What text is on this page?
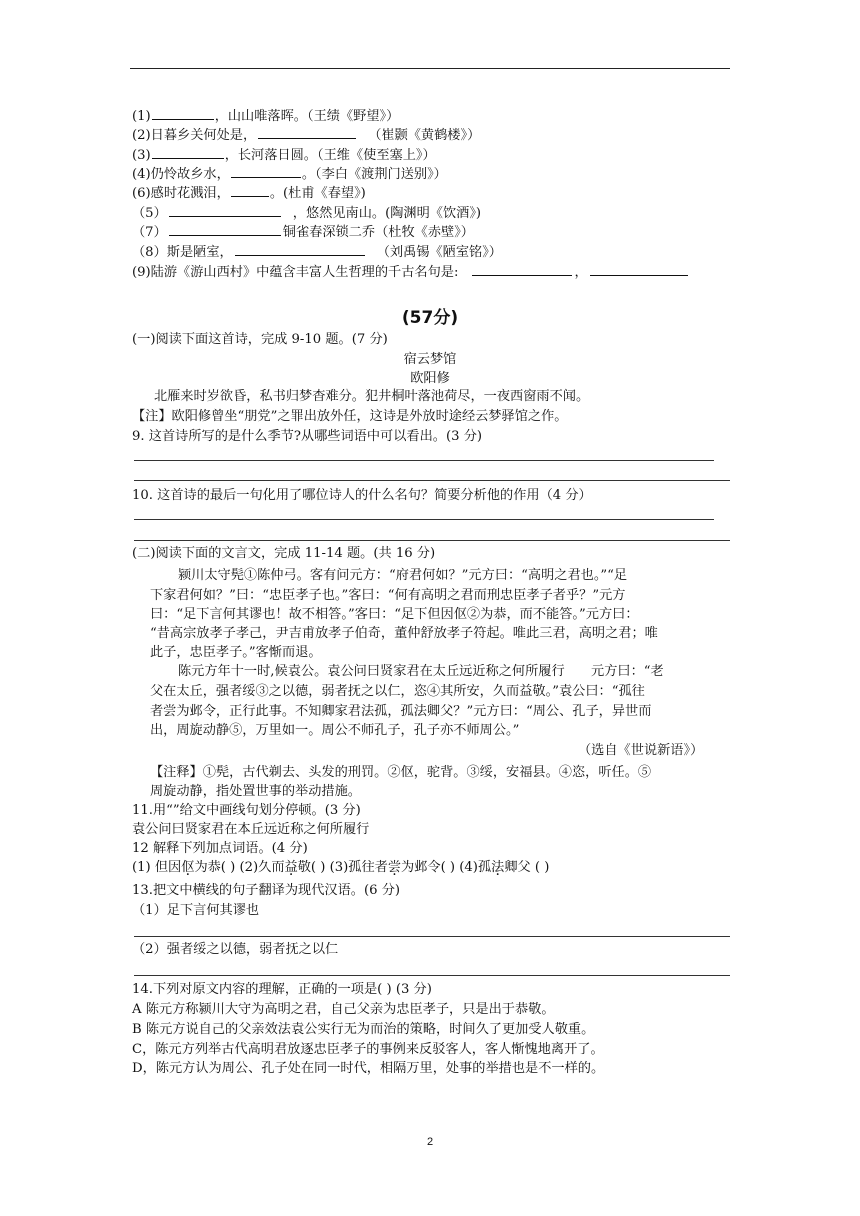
(1)	，山山唯落晖。（王绩《野望》）
(2)日暮乡关何处是，	（崔颢《黄鹤楼》）
(3)	，长河落日圆。（王维《使至塞上》）
(4)仍怜故乡水，	。（李白《渡荆门送别》）
(6)感时花溅泪，	。(杜甫《春望》)
（5）	，悠然见南山。(陶渊明《饮酒》)
（7）	铜雀春深锁二乔（杜牧《赤壁》）
（8）斯是陋室，	（刘禹锡《陋室铭》）
(9)陆游《游山西村》中蕴含丰富人生哲理的千古名句是:	，
(57分)
(一)阅读下面这首诗，完成 9-10 题。(7 分)
宿云梦馆
欧阳修
北雁来时岁欲昏，私书归梦杳难分。犯井桐叶落池荷尽，一夜西窗雨不闻。
【注】欧阳修曾坐“朋党”之罪出放外任，这诗是外放时途经云梦驿馆之作。
9. 这首诗所写的是什么季节?从哪些词语中可以看出。(3 分)
10. 这首诗的最后一句化用了哪位诗人的什么名句？简要分析他的作用（4 分）
(二)阅读下面的文言文，完成 11-14 题。(共 16 分)
颍川太守髡①陈仲弓。客有问元方：“府君何如？”元方曰：“高明之君也。”“足
下家君何如？”曰：“忠臣孝子也。”客曰：“何有高明之君而刑忠臣孝子者乎？”元方
曰：“足下言何其谬也！故不相答。”客曰：“足下但因伛②为恭，而不能答。”元方曰：
“昔高宗放孝子孝己，尹吉甫放孝子伯奇，董仲舒放孝子符起。唯此三君，高明之君；唯
此子，忠臣孝子。”客惭而退。
陈元方年十一时,候袁公。袁公问曰贤家君在太丘远近称之何所履行　　元方曰：“老
父在太丘，强者绥③之以德，弱者抚之以仁，恣④其所安，久而益敬。”袁公曰：“孤往
者尝为邺令，正行此事。不知卿家君法孤，孤法卿父？”元方曰：“周公、孔子，异世而
出，周旋动静⑤，万里如一。周公不师孔子，孔子亦不师周公。”
（选自《世说新语》）
【注释】①髡，古代剃去、头发的刑罚。②伛，驼背。③绥，安福县。④恣，听任。⑤
周旋动静，指处置世事的举动措施。
11.用“”给文中画线句划分停顿。(3 分)
袁公问曰贤家君在本丘远近称之何所履行
12 解释下列加点词语。(4 分)
(1) 但因伛为恭( ) (2)久而益敬( ) (3)孤往者尝为邺令( ) (4)孤法卿父 ( )
13.把文中横线的句子翻译为现代汉语。(6 分)
（1）足下言何其谬也
（2）强者绥之以德，弱者抚之以仁
14.下列对原文内容的理解，正确的一项是( ) (3 分)
A 陈元方称颍川大守为高明之君，自己父亲为忠臣孝子，只是出于恭敬。
B 陈元方说自己的父亲效法袁公实行无为而治的策略，时间久了更加受人敬重。
C，陈元方列举古代高明君放逐忠臣孝子的事例来反驳客人，客人惭愧地离开了。
D，陈元方认为周公、孔子处在同一时代，相隔万里，处事的举措也是不一样的。
2
